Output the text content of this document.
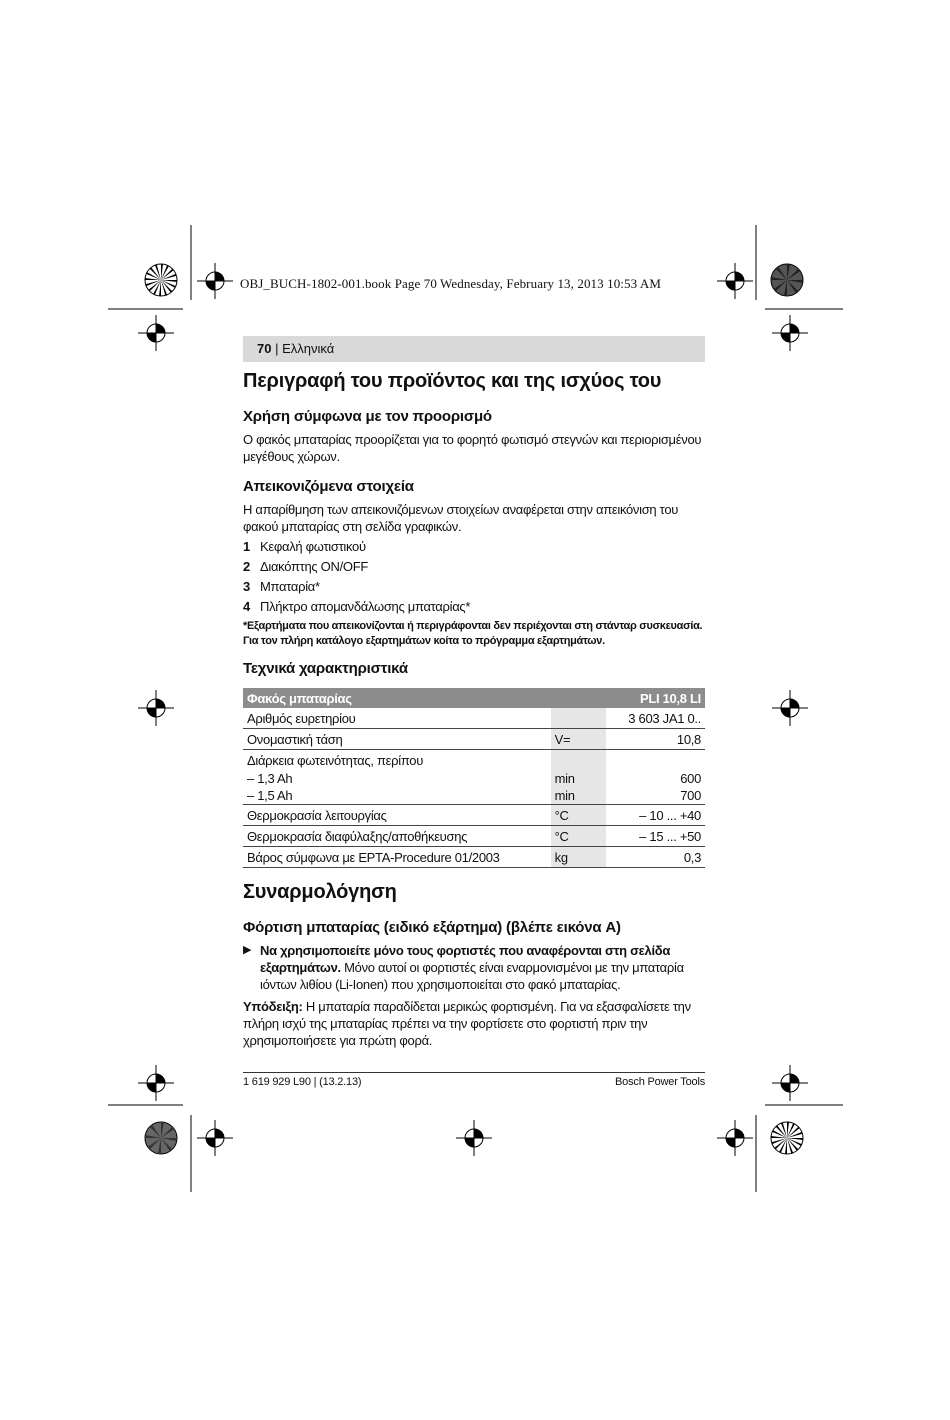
OBJ_BUCH-1802-001.book Page 70 Wednesday, February 13, 2013 10:53 AM
70 | Ελληνικά
Περιγραφή του προϊόντος και της ισχύος του
Χρήση σύμφωνα με τον προορισμό
Ο φακός μπαταρίας προορίζεται για το φορητό φωτισμό στεγνών και περιορισμένου μεγέθους χώρων.
Απεικονιζόμενα στοιχεία
Η απαρίθμηση των απεικονιζόμενων στοιχείων αναφέρεται στην απεικόνιση του φακού μπαταρίας στη σελίδα γραφικών.
1 Κεφαλή φωτιστικού
2 Διακόπτης ON/OFF
3 Μπαταρία*
4 Πλήκτρο απομανδάλωσης μπαταρίας*
*Εξαρτήματα που απεικονίζονται ή περιγράφονται δεν περιέχονται στη στάνταρ συσκευασία.
Για τον πλήρη κατάλογο εξαρτημάτων κοίτα το πρόγραμμα εξαρτημάτων.
Τεχνικά χαρακτηριστικά
Φακός μπαταρίας		PLI 10,8 LI
Αριθμός ευρετηρίου		3 603 JA1 0..
Ονομαστική τάση	V=	10,8
Διάρκεια φωτεινότητας, περίπου		
– 1,3 Ah	min	600
– 1,5 Ah	min	700
Θερμοκρασία λειτουργίας	°C	– 10 ... +40
Θερμοκρασία διαφύλαξης/αποθήκευσης	°C	– 15 ... +50
Βάρος σύμφωνα με EPTA-Procedure 01/2003	kg	0,3
Συναρμολόγηση
Φόρτιση μπαταρίας (ειδικό εξάρτημα) (βλέπε εικόνα A)
▶ Να χρησιμοποιείτε μόνο τους φορτιστές που αναφέρονται στη σελίδα εξαρτημάτων. Μόνο αυτοί οι φορτιστές είναι εναρμονισμένοι με την μπαταρία ιόντων λιθίου (Li-Ionen) που χρησιμοποιείται στο φακό μπαταρίας.
Υπόδειξη: Η μπαταρία παραδίδεται μερικώς φορτισμένη. Για να εξασφαλίσετε την πλήρη ισχύ της μπαταρίας πρέπει να την φορτίσετε στο φορτιστή πριν την χρησιμοποιήσετε για πρώτη φορά.
1 619 929 L90 | (13.2.13)	Bosch Power Tools
